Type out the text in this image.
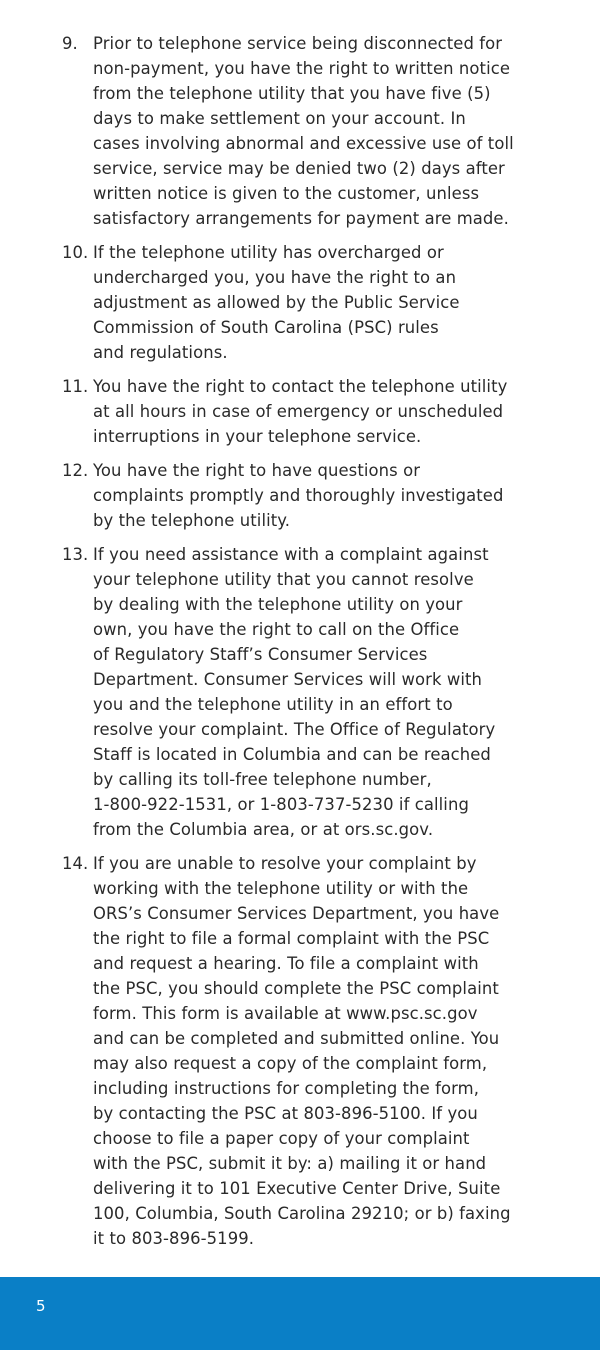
9. Prior to telephone service being disconnected for
non-payment, you have the right to written notice
from the telephone utility that you have five (5)
days to make settlement on your account. In
cases involving abnormal and excessive use of toll
service, service may be denied two (2) days after
written notice is given to the customer, unless
satisfactory arrangements for payment are made.
10. If the telephone utility has overcharged or
undercharged you, you have the right to an
adjustment as allowed by the Public Service
Commission of South Carolina (PSC) rules
and regulations.
11. You have the right to contact the telephone utility
at all hours in case of emergency or unscheduled
interruptions in your telephone service.
12. You have the right to have questions or
complaints promptly and thoroughly investigated
by the telephone utility.
13. If you need assistance with a complaint against
your telephone utility that you cannot resolve
by dealing with the telephone utility on your
own, you have the right to call on the Office
of Regulatory Staff’s Consumer Services
Department. Consumer Services will work with
you and the telephone utility in an effort to
resolve your complaint. The Office of Regulatory
Staff is located in Columbia and can be reached
by calling its toll-free telephone number,
1-800-922-1531, or 1-803-737-5230 if calling
from the Columbia area, or at ors.sc.gov.
14. If you are unable to resolve your complaint by
working with the telephone utility or with the
ORS’s Consumer Services Department, you have
the right to file a formal complaint with the PSC
and request a hearing. To file a complaint with
the PSC, you should complete the PSC complaint
form. This form is available at www.psc.sc.gov
and can be completed and submitted online. You
may also request a copy of the complaint form,
including instructions for completing the form,
by contacting the PSC at 803-896-5100. If you
choose to file a paper copy of your complaint
with the PSC, submit it by: a) mailing it or hand
delivering it to 101 Executive Center Drive, Suite
100, Columbia, South Carolina 29210; or b) faxing
it to 803-896-5199.
5
